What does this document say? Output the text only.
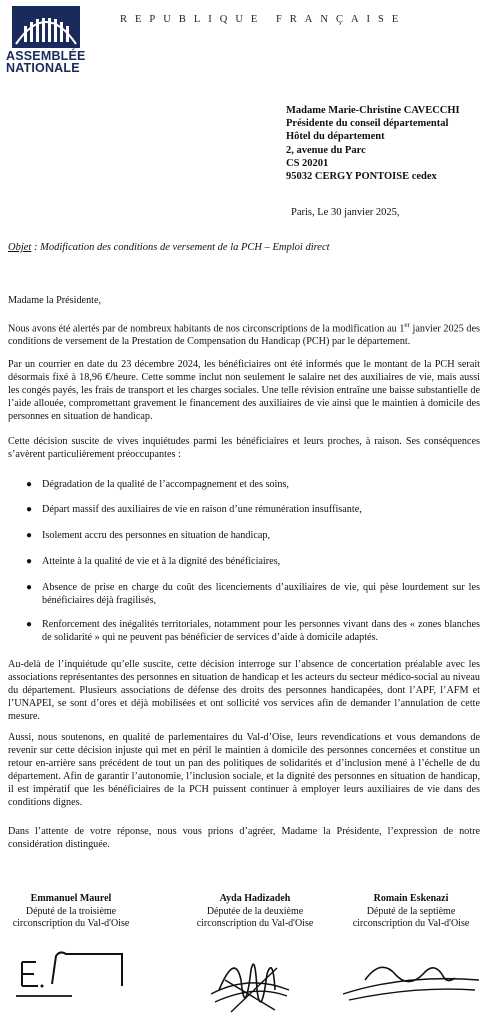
ASSEMBLÉE
NATIONALE
REPUBLIQUE FRANÇAISE
Madame Marie-Christine CAVECCHI
Présidente du conseil départemental
Hôtel du département
2, avenue du Parc
CS 20201
95032 CERGY PONTOISE cedex
Paris, Le 30 janvier 2025,
Objet : Modification des conditions de versement de la PCH – Emploi direct
Madame la Présidente,

Nous avons été alertés par de nombreux habitants de nos circonscriptions de la modification au 1er janvier 2025 des conditions de versement de la Prestation de Compensation du Handicap (PCH) par le département.

Par un courrier en date du 23 décembre 2024, les bénéficiaires ont été informés que le montant de la PCH serait désormais fixé à 18,96 €/heure. Cette somme inclut non seulement le salaire net des auxiliaires de vie, mais aussi les congés payés, les frais de transport et les charges sociales. Une telle révision entraîne une baisse substantielle de l’aide allouée, compromettant gravement le financement des auxiliaires de vie ainsi que le maintien à domicile des personnes en situation de handicap.
Cette décision suscite de vives inquiétudes parmi les bénéficiaires et leurs proches, à raison. Ses conséquences s’avèrent particulièrement préoccupantes :
● Dégradation de la qualité de l’accompagnement et des soins,
● Départ massif des auxiliaires de vie en raison d’une rémunération insuffisante,
● Isolement accru des personnes en situation de handicap,
● Atteinte à la qualité de vie et à la dignité des bénéficiaires,
● Absence de prise en charge du coût des licenciements d’auxiliaires de vie, qui pèse lourdement sur les bénéficiaires déjà fragilisés,
● Renforcement des inégalités territoriales, notamment pour les personnes vivant dans des « zones blanches de solidarité » qui ne peuvent pas bénéficier de services d’aide à domicile adaptés.
Au-delà de l’inquiétude qu’elle suscite, cette décision interroge sur l’absence de concertation préalable avec les associations représentantes des personnes en situation de handicap et les acteurs du secteur médico-social au niveau du département. Plusieurs associations de défense des droits des personnes handicapées, dont l’APF, l’AFM et l’UNAPEI, se sont d’ores et déjà mobilisées et ont sollicité vos services afin de demander l’annulation de cette mesure.
Aussi, nous soutenons, en qualité de parlementaires du Val-d’Oise, leurs revendications et vous demandons de revenir sur cette décision injuste qui met en péril le maintien à domicile des personnes concernées et constitue un retour en-arrière sans précédent de tout un pan des politiques de solidarités et d’inclusion mené à l’échelle de du département. Afin de garantir l’autonomie, l’inclusion sociale, et la dignité des personnes en situation de handicap, il est impératif que les bénéficiaires de la PCH puissent continuer à employer leurs auxiliaires de vie dans des conditions dignes.
Dans l’attente de votre réponse, nous vous prions d’agréer, Madame la Présidente, l’expression de notre considération distinguée.
Emmanuel Maurel
Député de la troisième
circonscription du Val-d'Oise
Ayda Hadizadeh
Députée de la deuxième
circonscription du Val-d'Oise
Romain Eskenazi
Député de la septième
circonscription du Val-d'Oise
